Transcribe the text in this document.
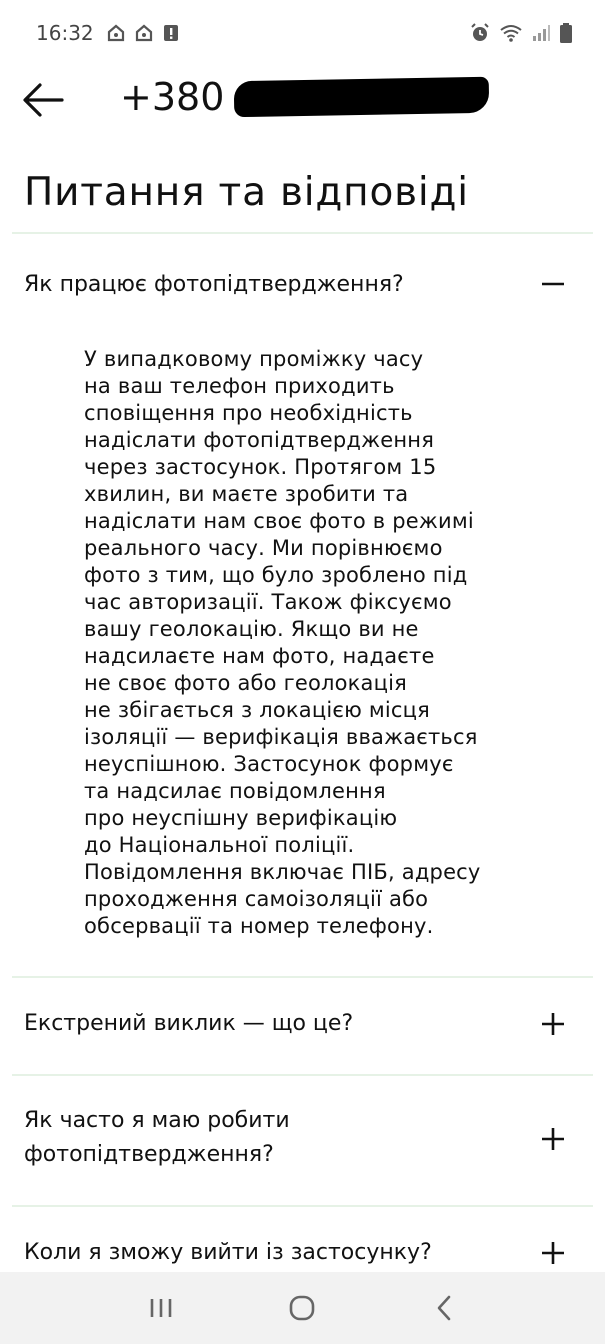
16:32
+380
Питання та відповіді
Як працює фотопідтвердження?
У випадковому проміжку часу
на ваш телефон приходить
сповіщення про необхідність
надіслати фотопідтвердження
через застосунок. Протягом 15
хвилин, ви маєте зробити та
надіслати нам своє фото в режимі
реального часу. Ми порівнюємо
фото з тим, що було зроблено під
час авторизації. Також фіксуємо
вашу геолокацію. Якщо ви не
надсилаєте нам фото, надаєте
не своє фото або геолокація
не збігається з локацією місця
ізоляції — верифікація вважається
неуспішною. Застосунок формує
та надсилає повідомлення
про неуспішну верифікацію
до Національної поліції.
Повідомлення включає ПІБ, адресу
проходження самоізоляції або
обсервації та номер телефону.
Екстрений виклик — що це?
Як часто я маю робити
фотопідтвердження?
Коли я зможу вийти із застосунку?
